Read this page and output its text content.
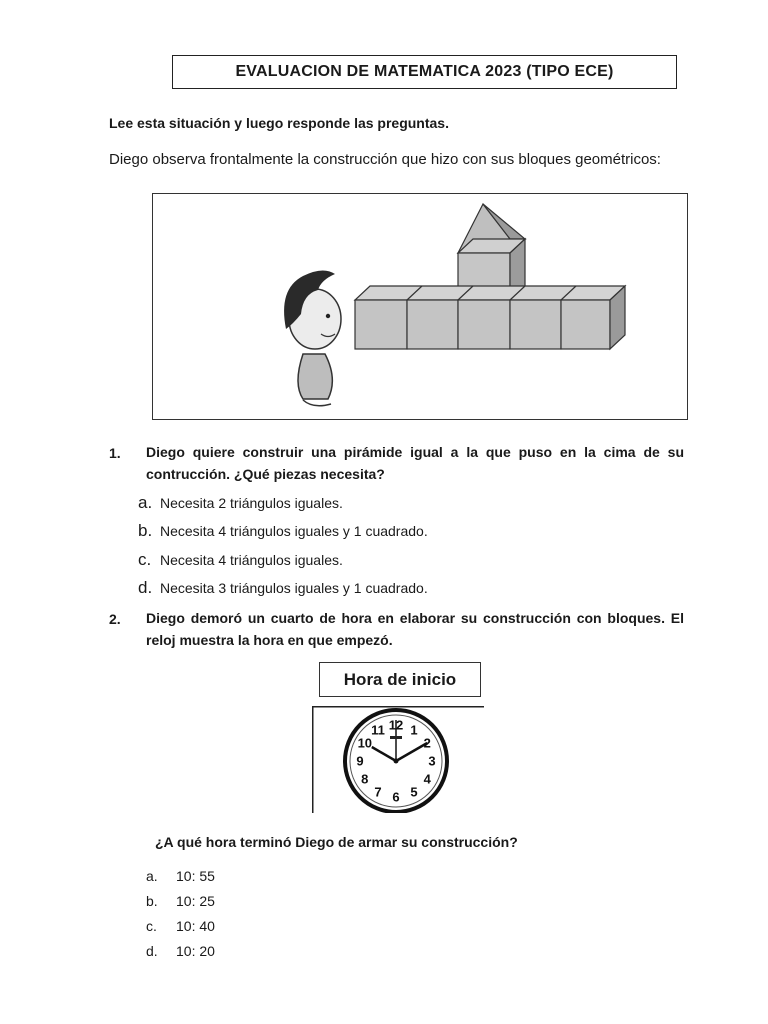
EVALUACION DE MATEMATICA 2023 (TIPO ECE)
Lee esta situación y luego responde las preguntas.
Diego observa frontalmente la construcción que hizo con sus bloques geométricos:
1. Diego quiere construir una pirámide igual a la que puso en la cima de su contrucción. ¿Qué piezas necesita?
a. Necesita 2 triángulos iguales.
b. Necesita 4 triángulos iguales y 1 cuadrado.
c. Necesita 4 triángulos iguales.
d. Necesita 3 triángulos iguales y 1 cuadrado.
2. Diego demoró un cuarto de hora en elaborar su construcción con bloques. El reloj muestra la hora en que empezó.
Hora de inicio
12 1
2
3
4
5
6
7
8
9
10
11
¿A qué hora terminó Diego de armar su construcción?
a.	10: 55
b.	10: 25
c.	10: 40
d.	10: 20
